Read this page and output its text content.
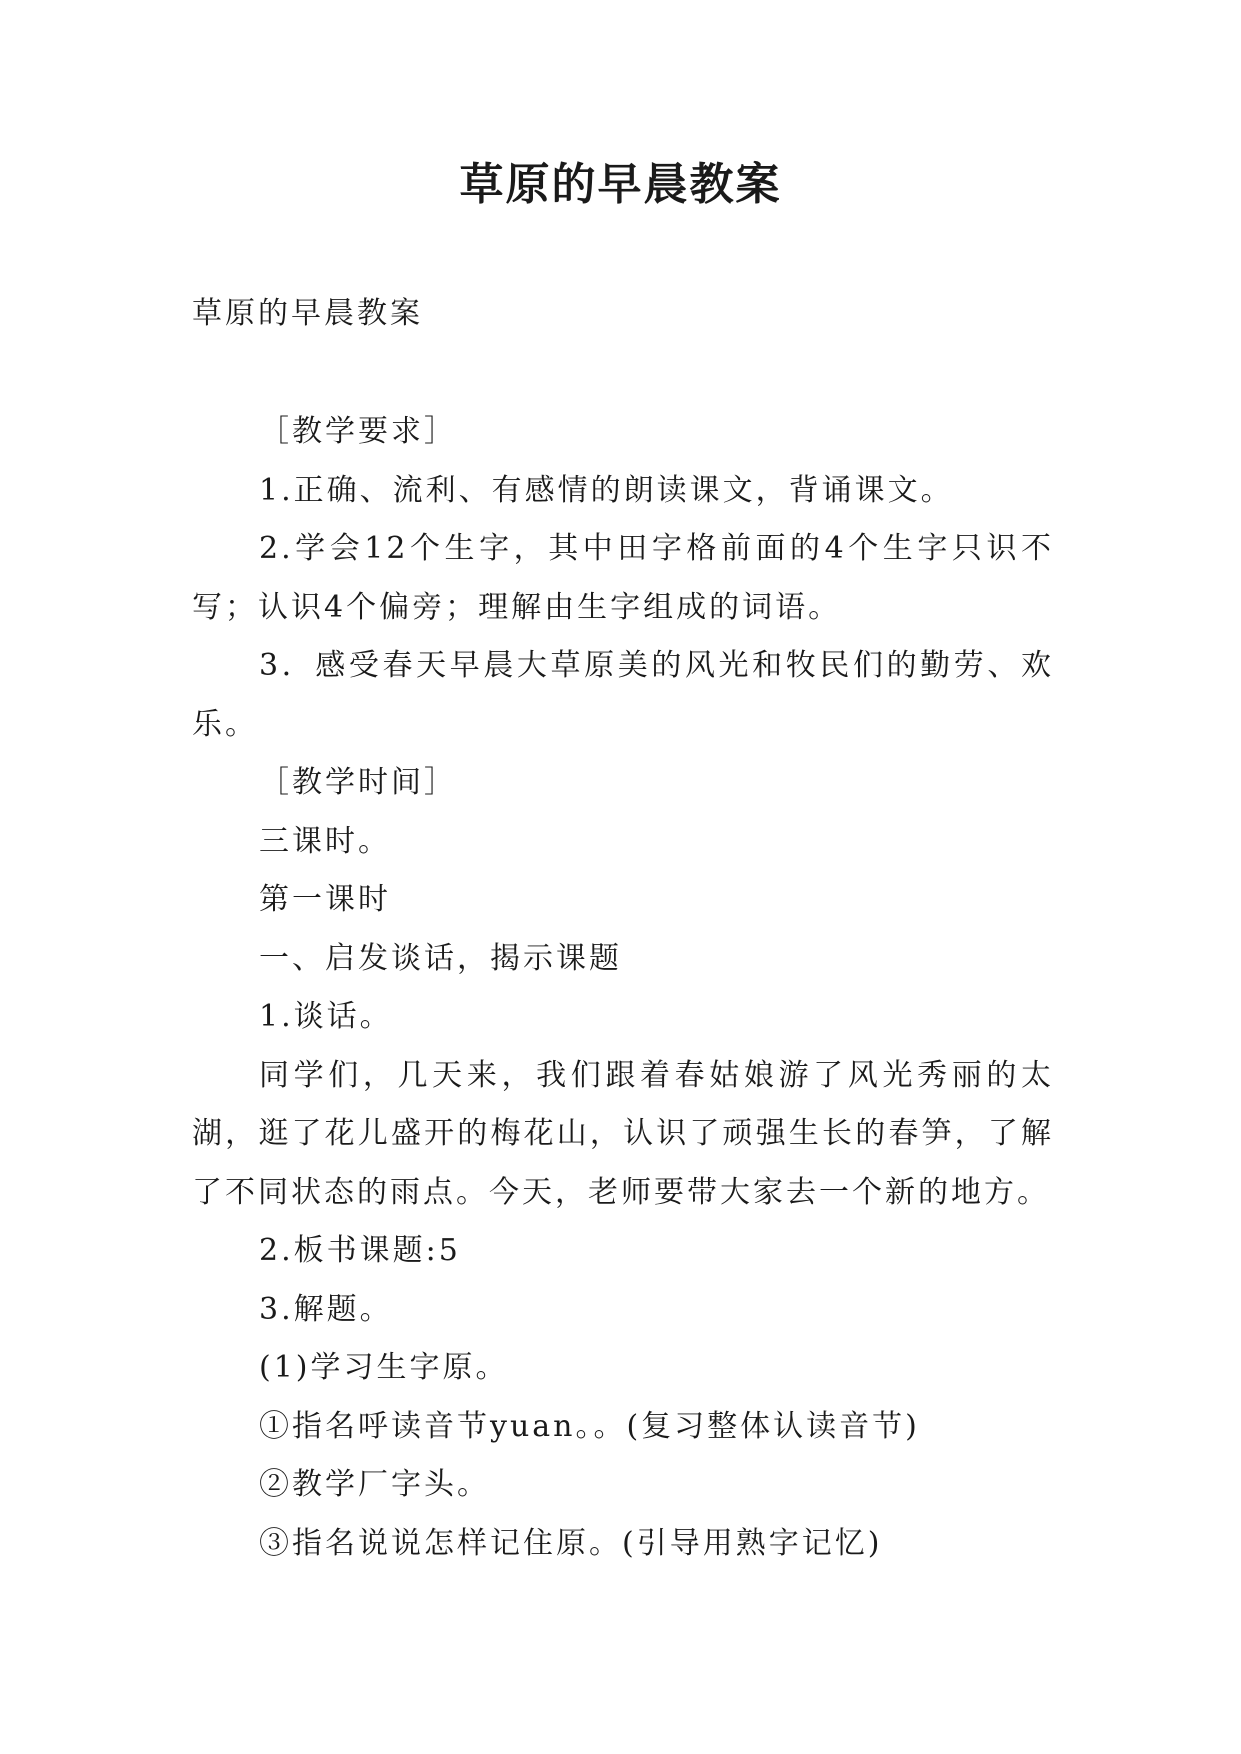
草原的早晨教案

草原的早晨教案

［教学要求］

1.正确、流利、有感情的朗读课文，背诵课文。

2.学会12个生字，其中田字格前面的4个生字只识不写；认识4个偏旁；理解由生字组成的词语。

3．感受春天早晨大草原美的风光和牧民们的勤劳、欢乐。

［教学时间］

三课时。

第一课时

一、启发谈话，揭示课题

1.谈话。

同学们，几天来，我们跟着春姑娘游了风光秀丽的太湖，逛了花儿盛开的梅花山，认识了顽强生长的春笋，了解了不同状态的雨点。今天，老师要带大家去一个新的地方。

2.板书课题:5

3.解题。

(1)学习生字原。

①指名呼读音节yuan。。(复习整体认读音节)

②教学厂字头。

③指名说说怎样记住原。(引导用熟字记忆)
